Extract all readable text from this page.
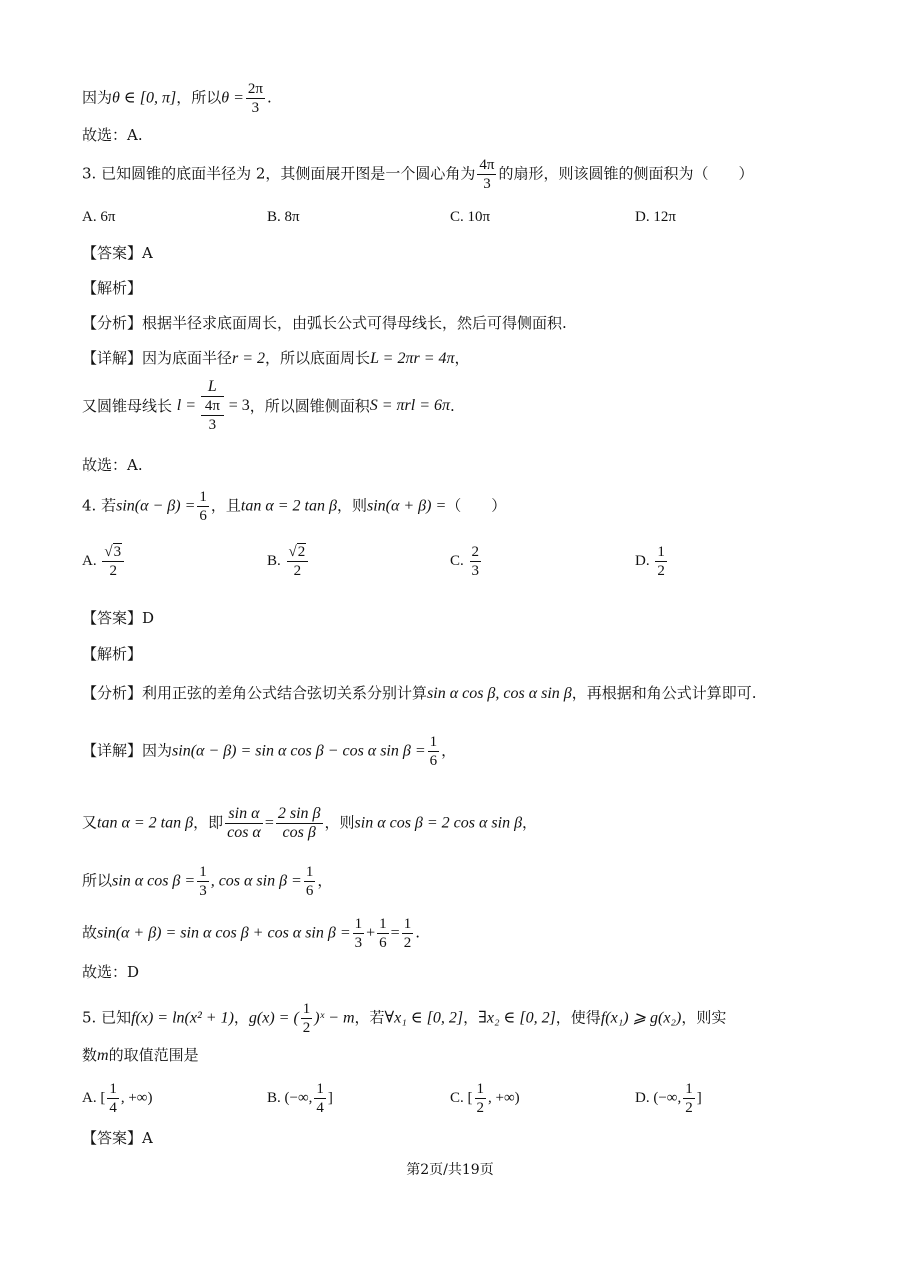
因为θ ∈ [0, π]，所以$\theta = \frac{2\pi}{3}$ .
故选：A.
3. 已知圆锥的底面半径为 2，其侧面展开图是一个圆心角为 $\frac{4\pi}{3}$ 的扇形，则该圆锥的侧面积为（　　）
A. 6π	B. 8π	C. 10π	D. 12π
【答案】A
【解析】
【分析】根据半径求底面周长，由弧长公式可得母线长，然后可得侧面积.
【详解】因为底面半径r = 2，所以底面周长L = 2πr = 4π，
又圆锥母线长 $l = \frac{L}{\frac{4\pi}{3}} = 3$，所以圆锥侧面积S = πrl = 6π.
故选：A.
4. 若$\sin(\alpha - \beta) = \frac{1}{6}$ ，且tan α = 2 tan β，则sin(α + β) =（　　）
A. $\frac{√3}{2}$	B. $\frac{√2}{2}$	C. $\frac{2}{3}$	D. $\frac{1}{2}$
【答案】D
【解析】
【分析】利用正弦的差角公式结合弦切关系分别计算sin α cos β, cos α sin β，再根据和角公式计算即可.
【详解】因为sin(α − β) = sin α cos β − cos α $\sin \beta = \frac{1}{6}$ ，
又tan α = 2 tan β，即 $\frac{\text{sin α}}{\text{cos α}} = \frac{\text{2 sin β}}{\text{cos β}}$ ，则sin α cos β = 2 cos α sin β，
所以sin α $\cos \beta = \frac{1}{3}$ , cos α $\sin \beta = \frac{1}{6}$ ，
故sin(α + β) = sin α cos β + cos α $\sin \beta = \frac{1}{3} + \frac{1}{6} = \frac{1}{2}$ .
故选：D
5. 已知f(x) = ln(x² + 1)，g(x) = ( $\frac{1}{2}$ )ˣ − m，若∀x₁ ∈ [0, 2]，∃x₂ ∈ [0, 2]，使得f(x₁) ⩾ g(x₂)，则实
数m的取值范围是
A. [ $\frac{1}{4}$ , +∞)	B. (−∞, $\frac{1}{4}$ ]	C. [ $\frac{1}{2}$ , +∞)	D. (−∞, $\frac{1}{2}$ ]
【答案】A
第2页/共19页
